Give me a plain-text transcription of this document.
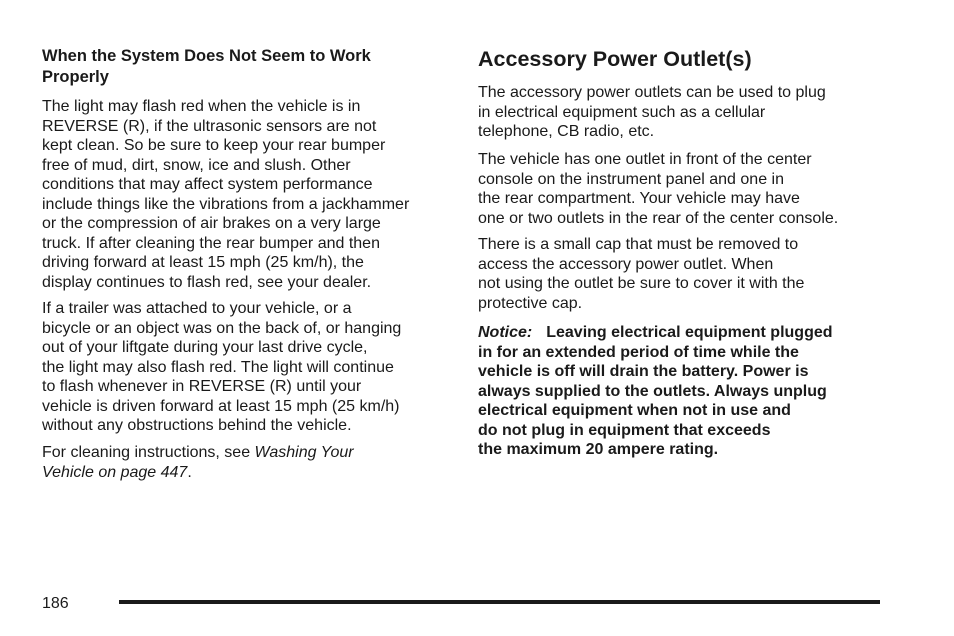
When the System Does Not Seem to Work
Properly

The light may flash red when the vehicle is in
REVERSE (R), if the ultrasonic sensors are not
kept clean. So be sure to keep your rear bumper
free of mud, dirt, snow, ice and slush. Other
conditions that may affect system performance
include things like the vibrations from a jackhammer
or the compression of air brakes on a very large
truck. If after cleaning the rear bumper and then
driving forward at least 15 mph (25 km/h), the
display continues to flash red, see your dealer.

If a trailer was attached to your vehicle, or a
bicycle or an object was on the back of, or hanging
out of your liftgate during your last drive cycle,
the light may also flash red. The light will continue
to flash whenever in REVERSE (R) until your
vehicle is driven forward at least 15 mph (25 km/h)
without any obstructions behind the vehicle.

For cleaning instructions, see Washing Your
Vehicle on page 447.

Accessory Power Outlet(s)

The accessory power outlets can be used to plug
in electrical equipment such as a cellular
telephone, CB radio, etc.

The vehicle has one outlet in front of the center
console on the instrument panel and one in
the rear compartment. Your vehicle may have
one or two outlets in the rear of the center console.

There is a small cap that must be removed to
access the accessory power outlet. When
not using the outlet be sure to cover it with the
protective cap.

Notice: Leaving electrical equipment plugged
in for an extended period of time while the
vehicle is off will drain the battery. Power is
always supplied to the outlets. Always unplug
electrical equipment when not in use and
do not plug in equipment that exceeds
the maximum 20 ampere rating.

186
